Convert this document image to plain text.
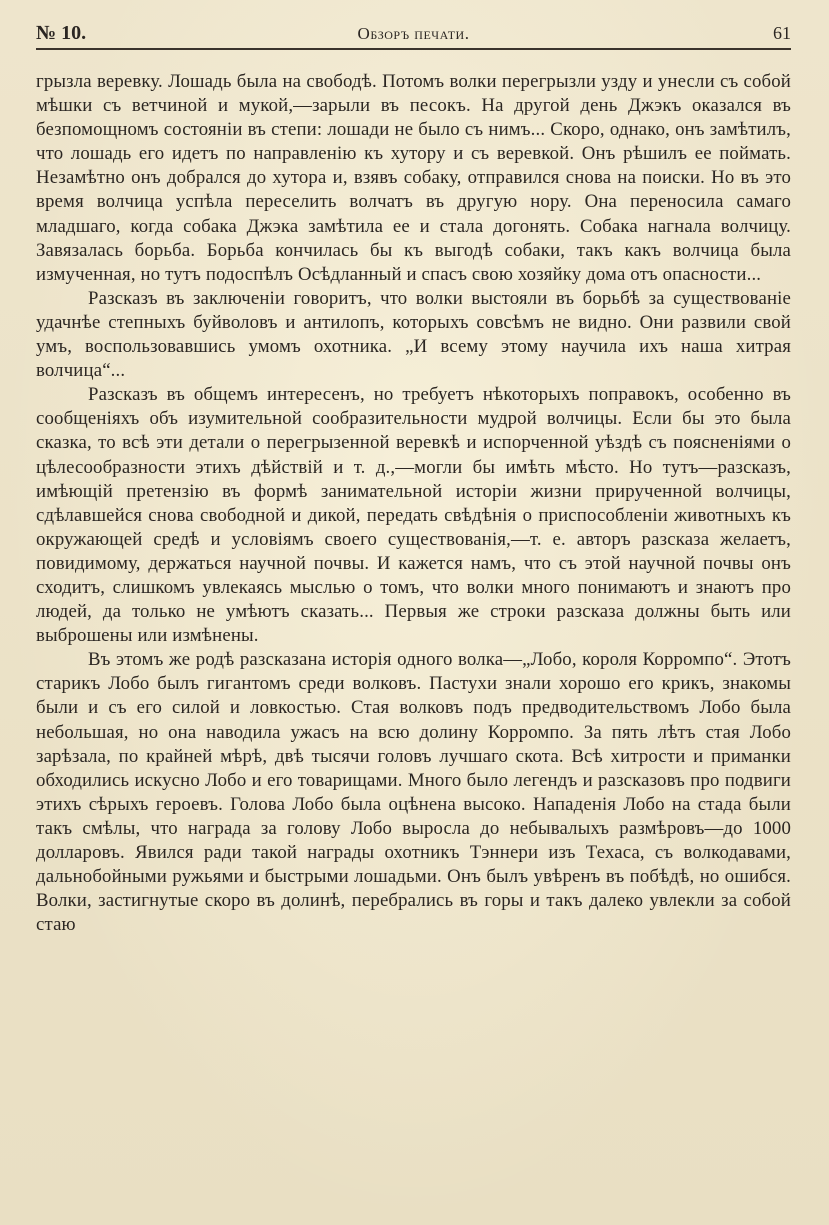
№ 10.	Обзоръ печати.	61

грызла веревку. Лошадь была на свободѣ. Потомъ волки перегрызли узду и унесли съ собой мѣшки съ ветчиной и мукой,—зарыли въ песокъ. На другой день Джэкъ оказался въ безпомощномъ состояніи въ степи: лошади не было съ нимъ... Скоро, однако, онъ замѣтилъ, что лошадь его идетъ по направленію къ хутору и съ веревкой. Онъ рѣшилъ ее поймать. Незамѣтно онъ добрался до хутора и, взявъ собаку, отправился снова на поиски. Но въ это время волчица успѣла переселить волчатъ въ другую нору. Она переносила самаго младшаго, когда собака Джэка замѣтила ее и стала догонять. Собака нагнала волчицу. Завязалась борьба. Борьба кончилась бы къ выгодѣ собаки, такъ какъ волчица была измученная, но тутъ подоспѣлъ Осѣдланный и спасъ свою хозяйку дома отъ опасности...

Разсказъ въ заключеніи говоритъ, что волки выстояли въ борьбѣ за существованіе удачнѣе степныхъ буйволовъ и антилопъ, которыхъ совсѣмъ не видно. Они развили свой умъ, воспользовавшись умомъ охотника. „И всему этому научила ихъ наша хитрая волчица“...

Разсказъ въ общемъ интересенъ, но требуетъ нѣкоторыхъ поправокъ, особенно въ сообщеніяхъ объ изумительной сообразительности мудрой волчицы. Если бы это была сказка, то всѣ эти детали о перегрызенной веревкѣ и испорченной уѣздѣ съ поясненіями о цѣлесообразности этихъ дѣйствій и т. д.,—могли бы имѣть мѣсто. Но тутъ—разсказъ, имѣющій претензію въ формѣ занимательной исторіи жизни прирученной волчицы, сдѣлавшейся снова свободной и дикой, передать свѣдѣнія о приспособленіи животныхъ къ окружающей средѣ и условіямъ своего существованія,—т. е. авторъ разсказа желаетъ, повидимому, держаться научной почвы. И кажется намъ, что съ этой научной почвы онъ сходитъ, слишкомъ увлекаясь мыслью о томъ, что волки много понимаютъ и знаютъ про людей, да только не умѣютъ сказать... Первыя же строки разсказа должны быть или выброшены или измѣнены.

Въ этомъ же родѣ разсказана исторія одного волка—„Лобо, короля Корромпо“. Этотъ старикъ Лобо былъ гигантомъ среди волковъ. Пастухи знали хорошо его крикъ, знакомы были и съ его силой и ловкостью. Стая волковъ подъ предводительствомъ Лобо была небольшая, но она наводила ужасъ на всю долину Корромпо. За пять лѣтъ стая Лобо зарѣзала, по крайней мѣрѣ, двѣ тысячи головъ лучшаго скота. Всѣ хитрости и приманки обходились искусно Лобо и его товарищами. Много было легендъ и разсказовъ про подвиги этихъ сѣрыхъ героевъ. Голова Лобо была оцѣнена высоко. Нападенія Лобо на стада были такъ смѣлы, что награда за голову Лобо выросла до небывалыхъ размѣровъ—до 1000 долларовъ. Явился ради такой награды охотникъ Тэннери изъ Техаса, съ волкодавами, дальнобойными ружьями и быстрыми лошадьми. Онъ былъ увѣренъ въ побѣдѣ, но ошибся. Волки, застигнутые скоро въ долинѣ, перебрались въ горы и такъ далеко увлекли за собой стаю
